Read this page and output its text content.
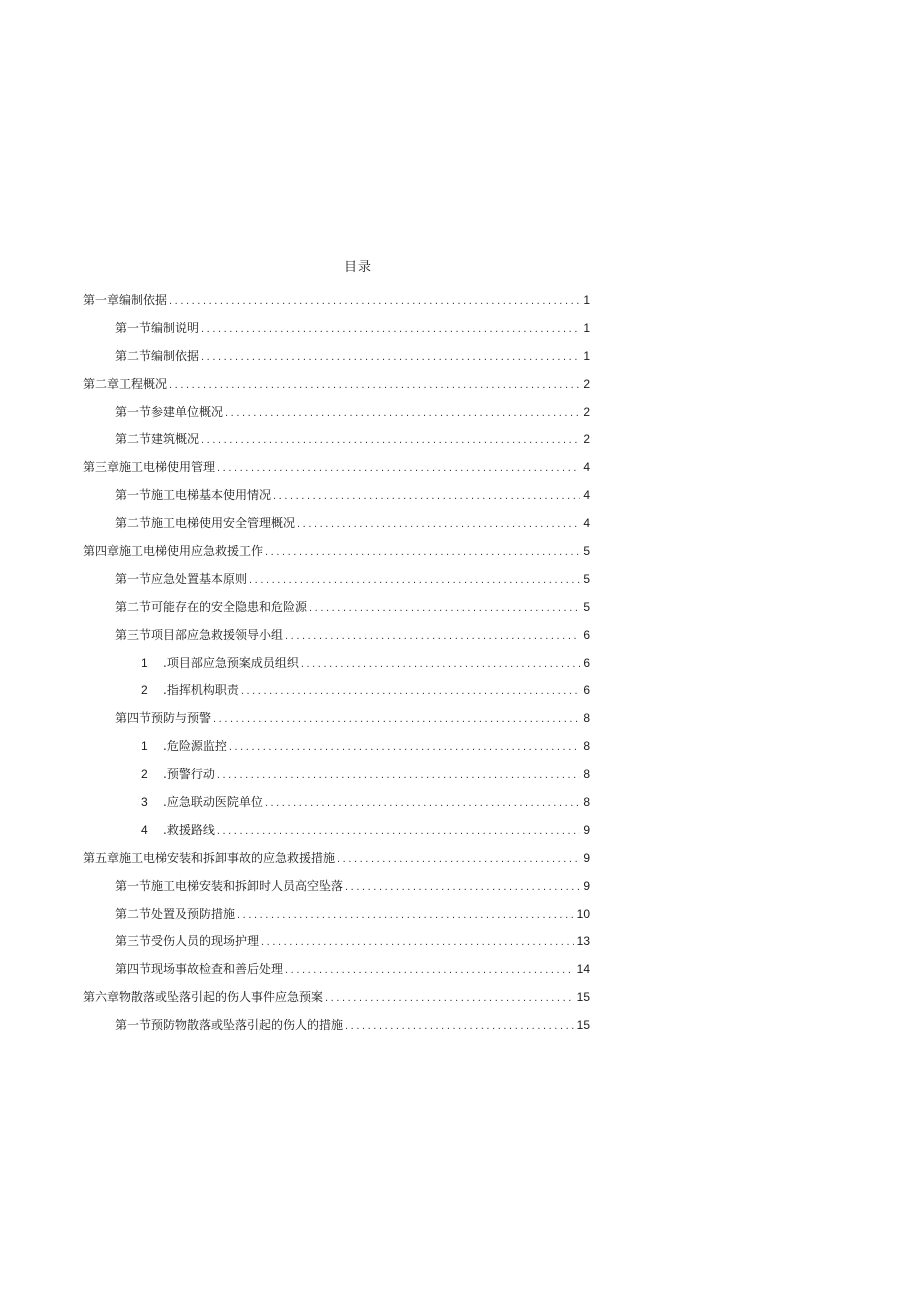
目录
第一章编制依据 .....	1
第一节编制说明 .....	1
第二节编制依据 .....	1
第二章工程概况 .....	2
第一节参建单位概况 .....	2
第二节建筑概况 .....	2
第三章施工电梯使用管理 .....	4
第一节施工电梯基本使用情况 .....	4
第二节施工电梯使用安全管理概况 .....	4
第四章施工电梯使用应急救援工作 .....	5
第一节应急处置基本原则 .....	5
第二节可能存在的安全隐患和危险源 .....	5
第三节项目部应急救援领导小组 .....	6
1	.项目部应急预案成员组织 .....	6
2	.指挥机构职责 .....	6
第四节预防与预警 .....	8
1	.危险源监控 .....	8
2	.预警行动 .....	8
3	.应急联动医院单位 .....	8
4	.救援路线 .....	9
第五章施工电梯安装和拆卸事故的应急救援措施 .....	9
第一节施工电梯安装和拆卸时人员高空坠落 .....	9
第二节处置及预防措施 .....	10
第三节受伤人员的现场护理 .....	13
第四节现场事故检查和善后处理 .....	14
第六章物散落或坠落引起的伤人事件应急预案 .....	15
第一节预防物散落或坠落引起的伤人的措施 .....	15
